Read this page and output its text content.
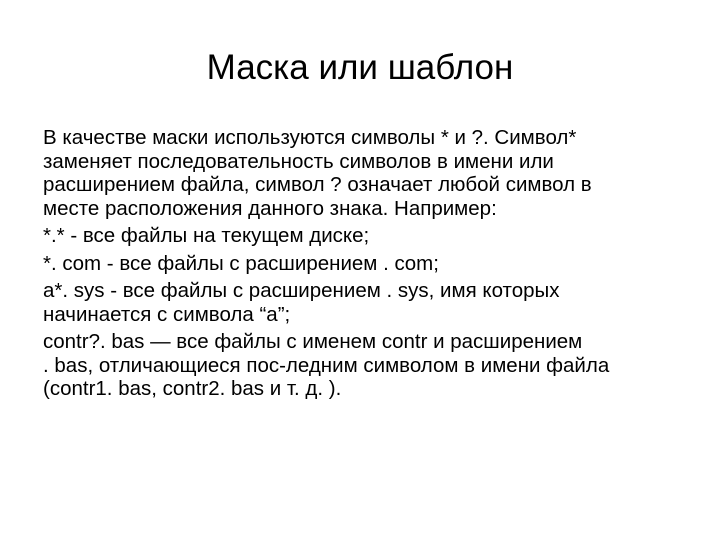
Маска или шаблон

В качестве маски используются символы * и ?. Символ*
заменяет последовательность символов в имени или
расширением файла, символ ? означает любой символ в
месте расположения данного знака. Например:

*.* - все файлы на текущем диске;

*. com - все файлы с расширением . com;

a*. sys - все файлы с расширением . sys, имя которых
начинается с символа “a”;

contr?. bas — все файлы с именем contr и расширением
. bas, отличающиеся пос-ледним символом в имени файла
(contr1. bas, contr2. bas и т. д. ).
